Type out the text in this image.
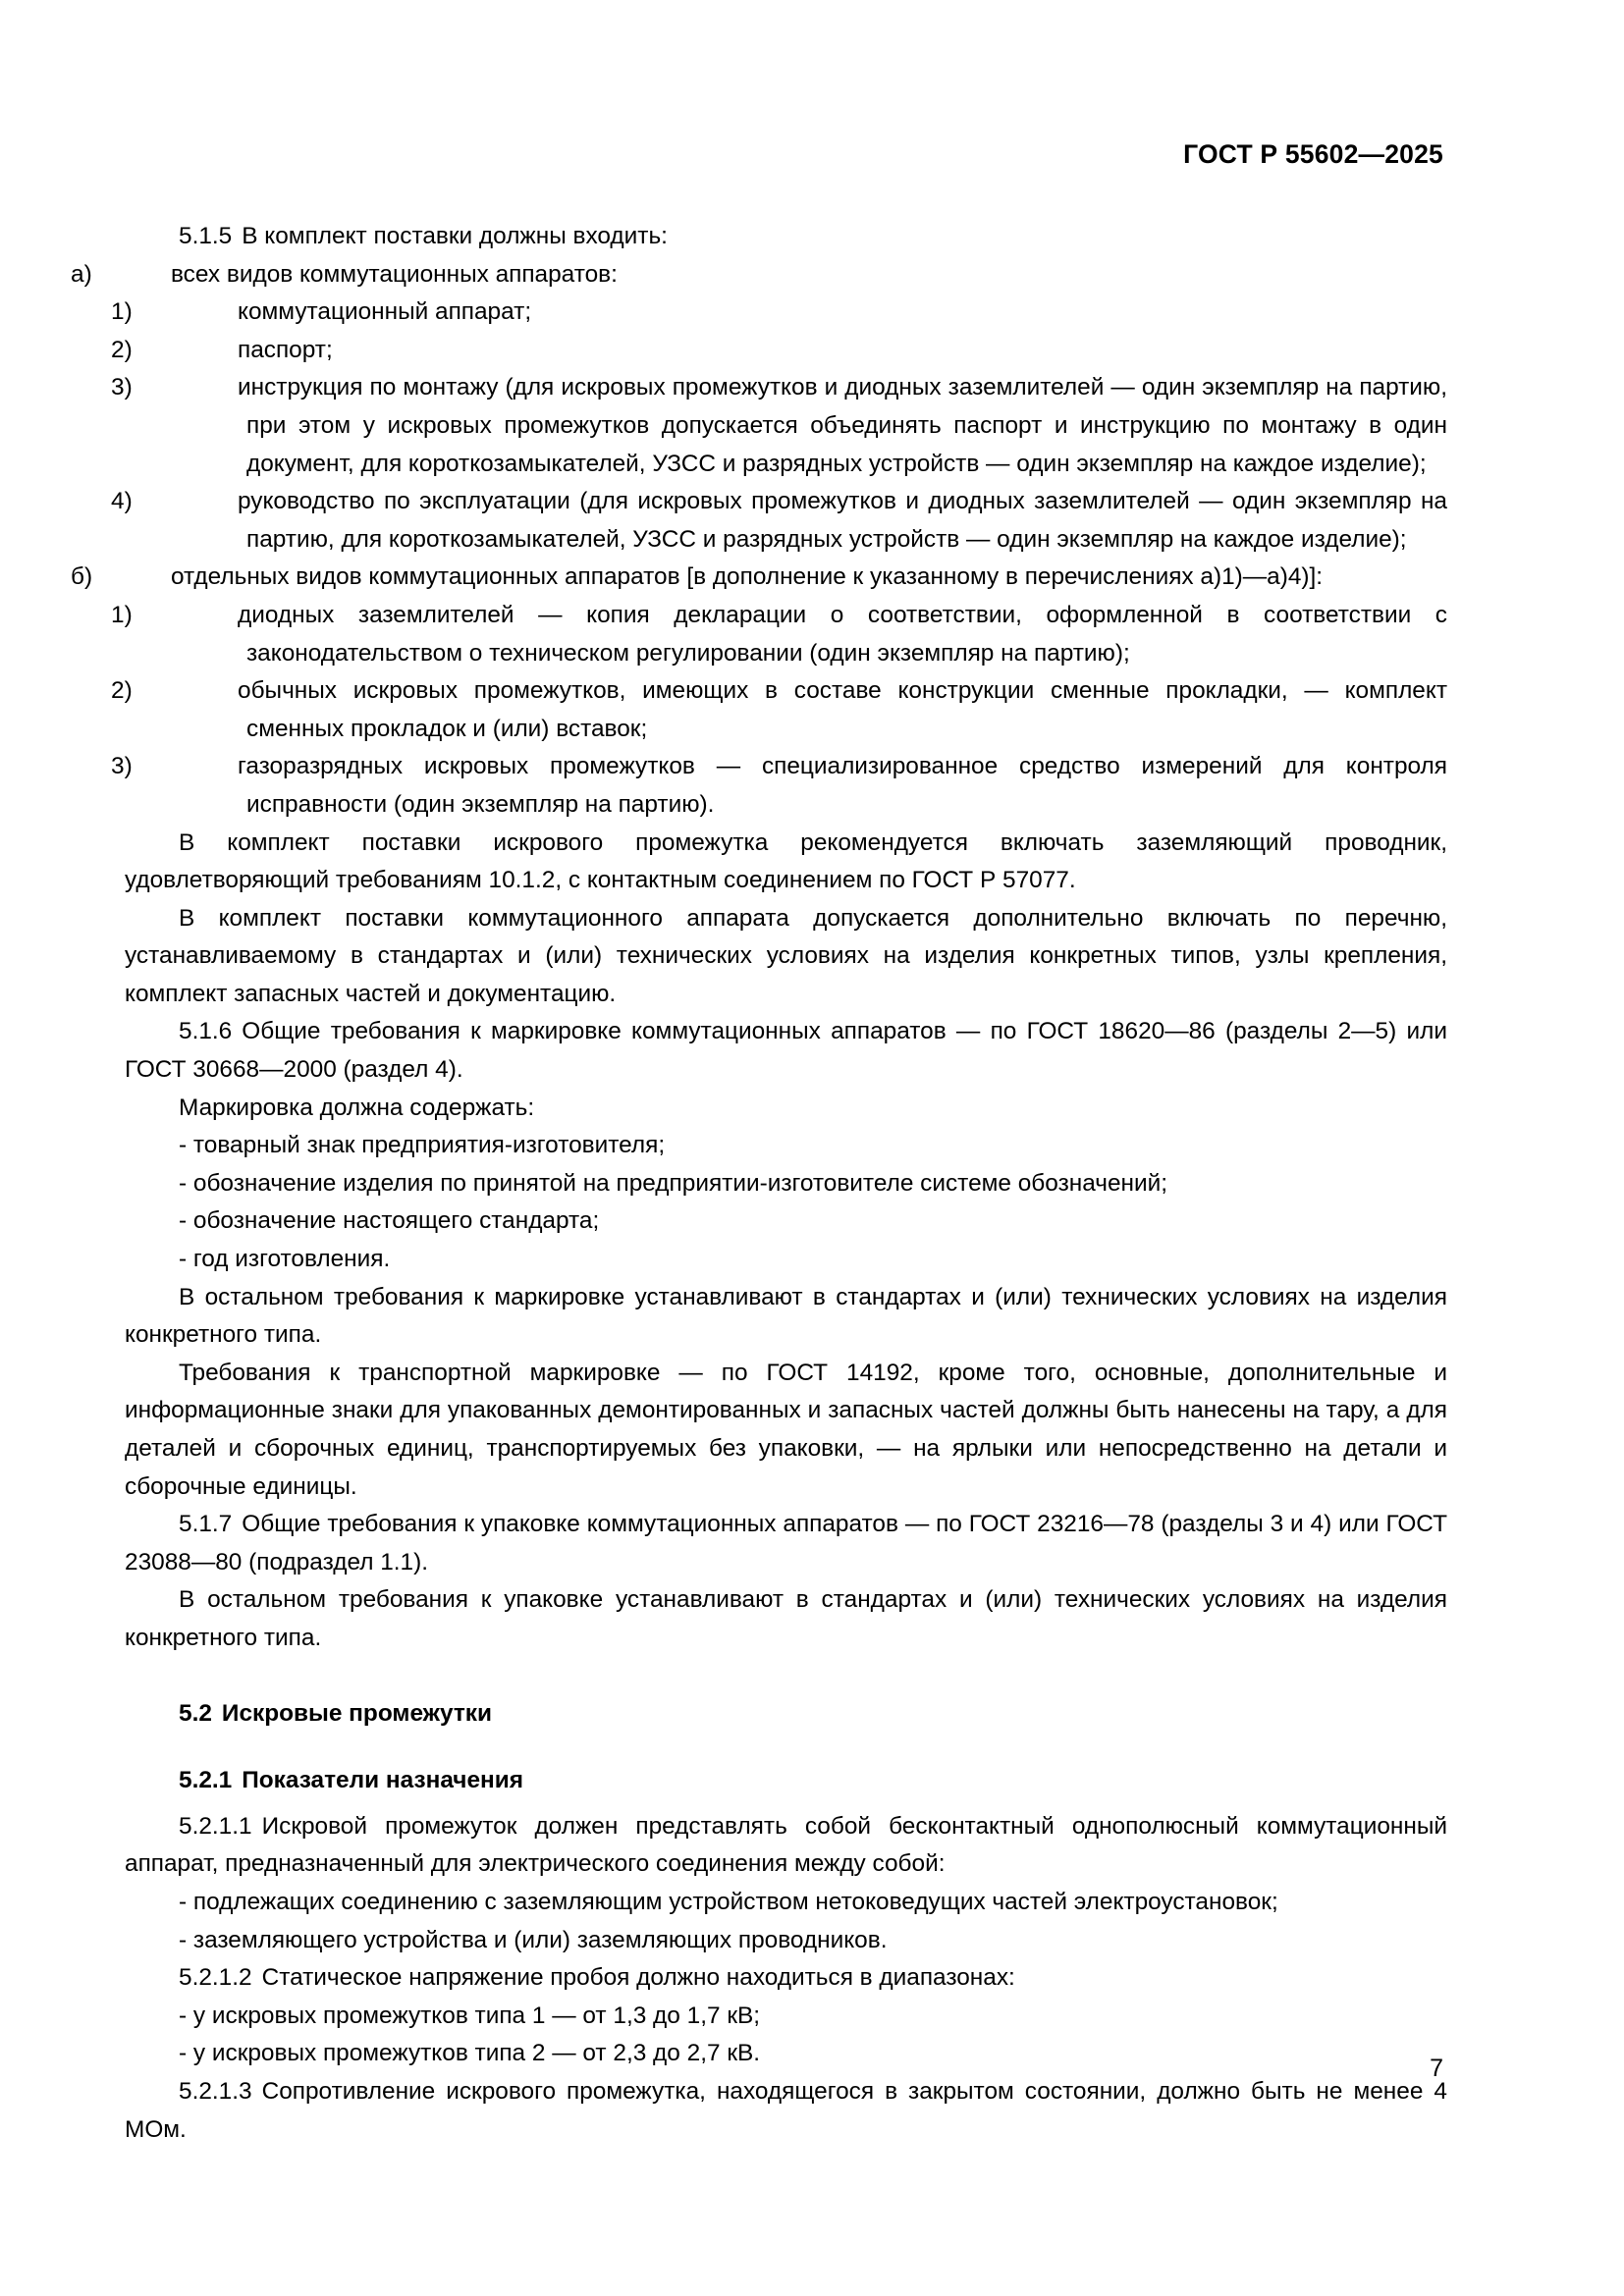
ГОСТ Р 55602—2025

5.1.5 В комплект поставки должны входить:

а)	всех видов коммутационных аппаратов:

1)	коммутационный аппарат;

2)	паспорт;

3)	инструкция по монтажу (для искровых промежутков и диодных заземлителей — один экземпляр на партию, при этом у искровых промежутков допускается объединять паспорт и инструкцию по монтажу в один документ, для короткозамыкателей, УЗСС и разрядных устройств — один экземпляр на каждое изделие);

4)	руководство по эксплуатации (для искровых промежутков и диодных заземлителей — один экземпляр на партию, для короткозамыкателей, УЗСС и разрядных устройств — один экземпляр на каждое изделие);

б)	отдельных видов коммутационных аппаратов [в дополнение к указанному в перечислениях а)1)—а)4)]:

1)	диодных заземлителей — копия декларации о соответствии, оформленной в соответствии с законодательством о техническом регулировании (один экземпляр на партию);

2)	обычных искровых промежутков, имеющих в составе конструкции сменные прокладки, — комплект сменных прокладок и (или) вставок;

3)	газоразрядных искровых промежутков — специализированное средство измерений для контроля исправности (один экземпляр на партию).

В комплект поставки искрового промежутка рекомендуется включать заземляющий проводник, удовлетворяющий требованиям 10.1.2, с контактным соединением по ГОСТ Р 57077.

В комплект поставки коммутационного аппарата допускается дополнительно включать по перечню, устанавливаемому в стандартах и (или) технических условиях на изделия конкретных типов, узлы крепления, комплект запасных частей и документацию.

5.1.6 Общие требования к маркировке коммутационных аппаратов — по ГОСТ 18620—86 (разделы 2—5) или ГОСТ 30668—2000 (раздел 4).

Маркировка должна содержать:

- товарный знак предприятия-изготовителя;

- обозначение изделия по принятой на предприятии-изготовителе системе обозначений;

- обозначение настоящего стандарта;

- год изготовления.

В остальном требования к маркировке устанавливают в стандартах и (или) технических условиях на изделия конкретного типа.

Требования к транспортной маркировке — по ГОСТ 14192, кроме того, основные, дополнительные и информационные знаки для упакованных демонтированных и запасных частей должны быть нанесены на тару, а для деталей и сборочных единиц, транспортируемых без упаковки, — на ярлыки или непосредственно на детали и сборочные единицы.

5.1.7 Общие требования к упаковке коммутационных аппаратов — по ГОСТ 23216—78 (разделы 3 и 4) или ГОСТ 23088—80 (подраздел 1.1).

В остальном требования к упаковке устанавливают в стандартах и (или) технических условиях на изделия конкретного типа.

5.2 Искровые промежутки

5.2.1 Показатели назначения

5.2.1.1 Искровой промежуток должен представлять собой бесконтактный однополюсный коммутационный аппарат, предназначенный для электрического соединения между собой:

- подлежащих соединению с заземляющим устройством нетоковедущих частей электроустановок;

- заземляющего устройства и (или) заземляющих проводников.

5.2.1.2 Статическое напряжение пробоя должно находиться в диапазонах:

- у искровых промежутков типа 1 — от 1,3 до 1,7 кВ;

- у искровых промежутков типа 2 — от 2,3 до 2,7 кВ.

5.2.1.3 Сопротивление искрового промежутка, находящегося в закрытом состоянии, должно быть не менее 4 МОм.

7
